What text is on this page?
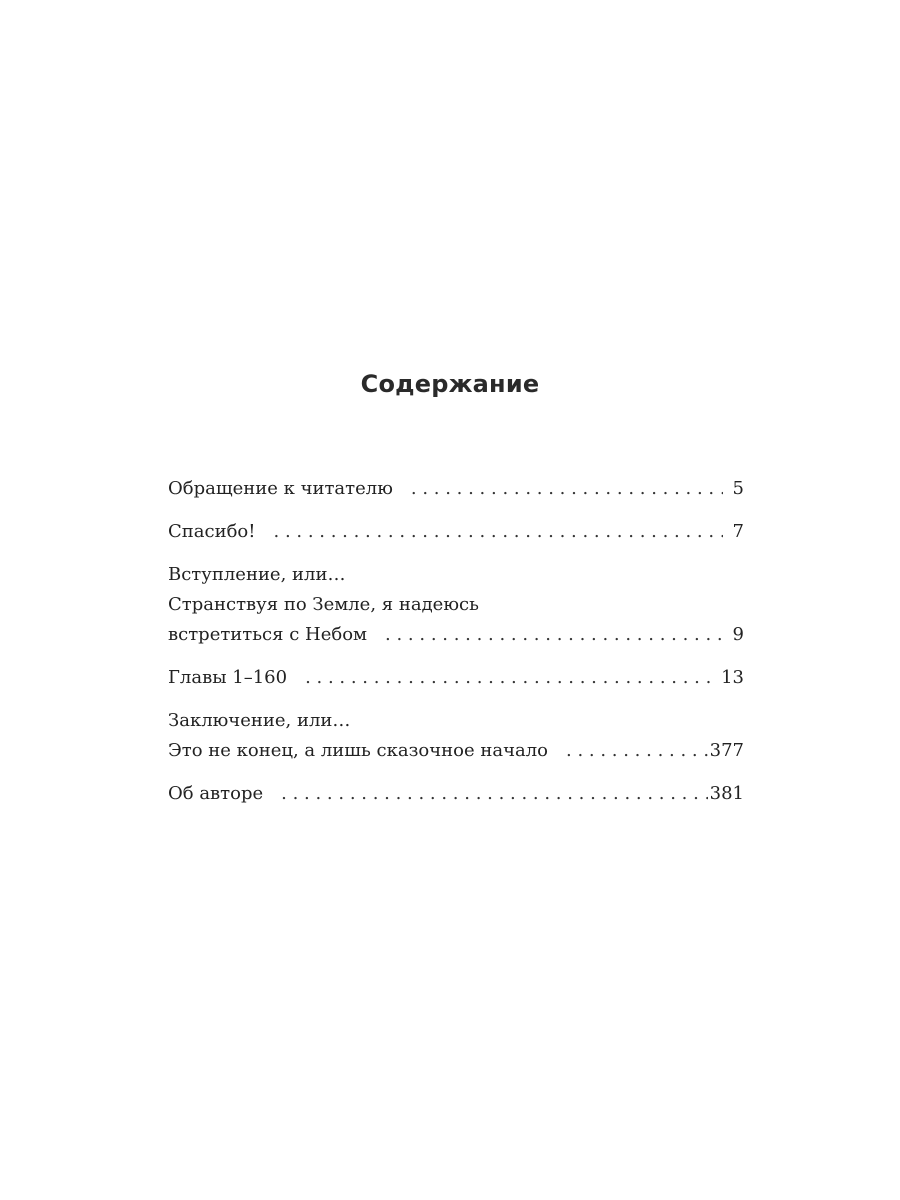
Содержание
Обращение к читателю . . .	5
Спасибо! . . .	7
Вступление, или…
Странствуя по Земле, я надеюсь
встретиться с Небом . . .	9
Главы 1–160 . . .	13
Заключение, или…
Это не конец, а лишь сказочное начало . . .	377
Об авторе . . .	381
